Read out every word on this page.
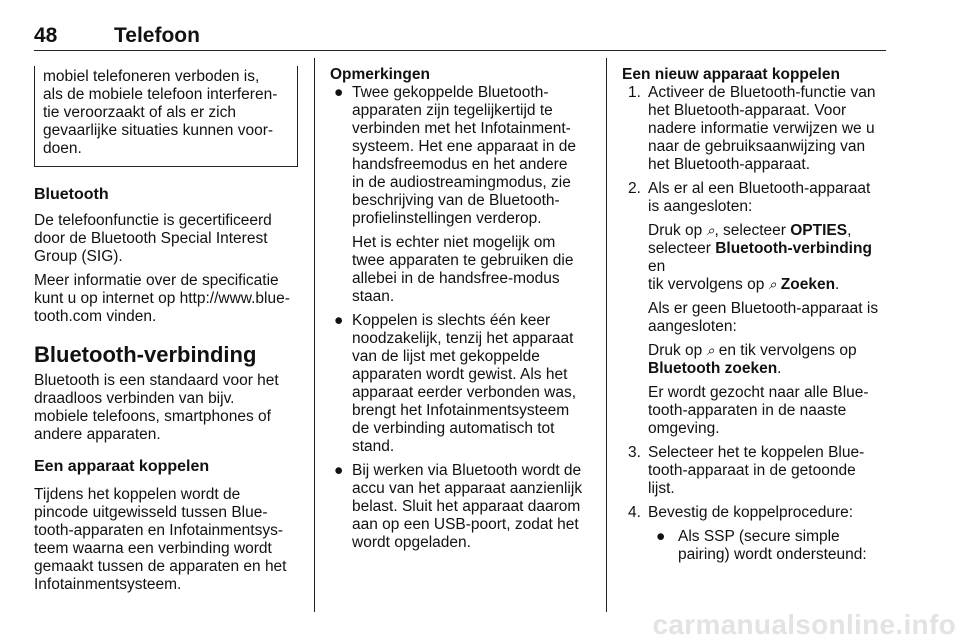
48	Telefoon

mobiel telefoneren verboden is,
als de mobiele telefoon interferen-
tie veroorzaakt of als er zich
gevaarlijke situaties kunnen voor-
doen.

Bluetooth

De telefoonfunctie is gecertificeerd
door de Bluetooth Special Interest
Group (SIG).

Meer informatie over de specificatie
kunt u op internet op http://www.blue-
tooth.com vinden.

Bluetooth-verbinding

Bluetooth is een standaard voor het
draadloos verbinden van bijv.
mobiele telefoons, smartphones of
andere apparaten.

Een apparaat koppelen

Tijdens het koppelen wordt de
pincode uitgewisseld tussen Blue-
tooth-apparaten en Infotainmentsys-
teem waarna een verbinding wordt
gemaakt tussen de apparaten en het
Infotainmentsysteem.

Opmerkingen
● Twee gekoppelde Bluetooth-
apparaten zijn tegelijkertijd te
verbinden met het Infotainment-
systeem. Het ene apparaat in de
handsfreemodus en het andere
in de audiostreamingmodus, zie
beschrijving van de Bluetooth-
profielinstellingen verderop.

Het is echter niet mogelijk om
twee apparaten te gebruiken die
allebei in de handsfree-modus
staan.

● Koppelen is slechts één keer
noodzakelijk, tenzij het apparaat
van de lijst met gekoppelde
apparaten wordt gewist. Als het
apparaat eerder verbonden was,
brengt het Infotainmentsysteem
de verbinding automatisch tot
stand.

● Bij werken via Bluetooth wordt de
accu van het apparaat aanzienlijk
belast. Sluit het apparaat daarom
aan op een USB-poort, zodat het
wordt opgeladen.

Een nieuw apparaat koppelen
1. Activeer de Bluetooth-functie van
het Bluetooth-apparaat. Voor
nadere informatie verwijzen we u
naar de gebruiksaanwijzing van
het Bluetooth-apparaat.

2. Als er al een Bluetooth-apparaat
is aangesloten:

Druk op ⌕, selecteer OPTIES,
selecteer Bluetooth-verbinding en
tik vervolgens op ⌕ Zoeken.

Als er geen Bluetooth-apparaat is
aangesloten:

Druk op ⌕ en tik vervolgens op
Bluetooth zoeken.

Er wordt gezocht naar alle Blue-
tooth-apparaten in de naaste
omgeving.

3. Selecteer het te koppelen Blue-
tooth-apparaat in de getoonde
lijst.

4. Bevestig de koppelprocedure:

● Als SSP (secure simple
pairing) wordt ondersteund:

carmanualsonline.info
